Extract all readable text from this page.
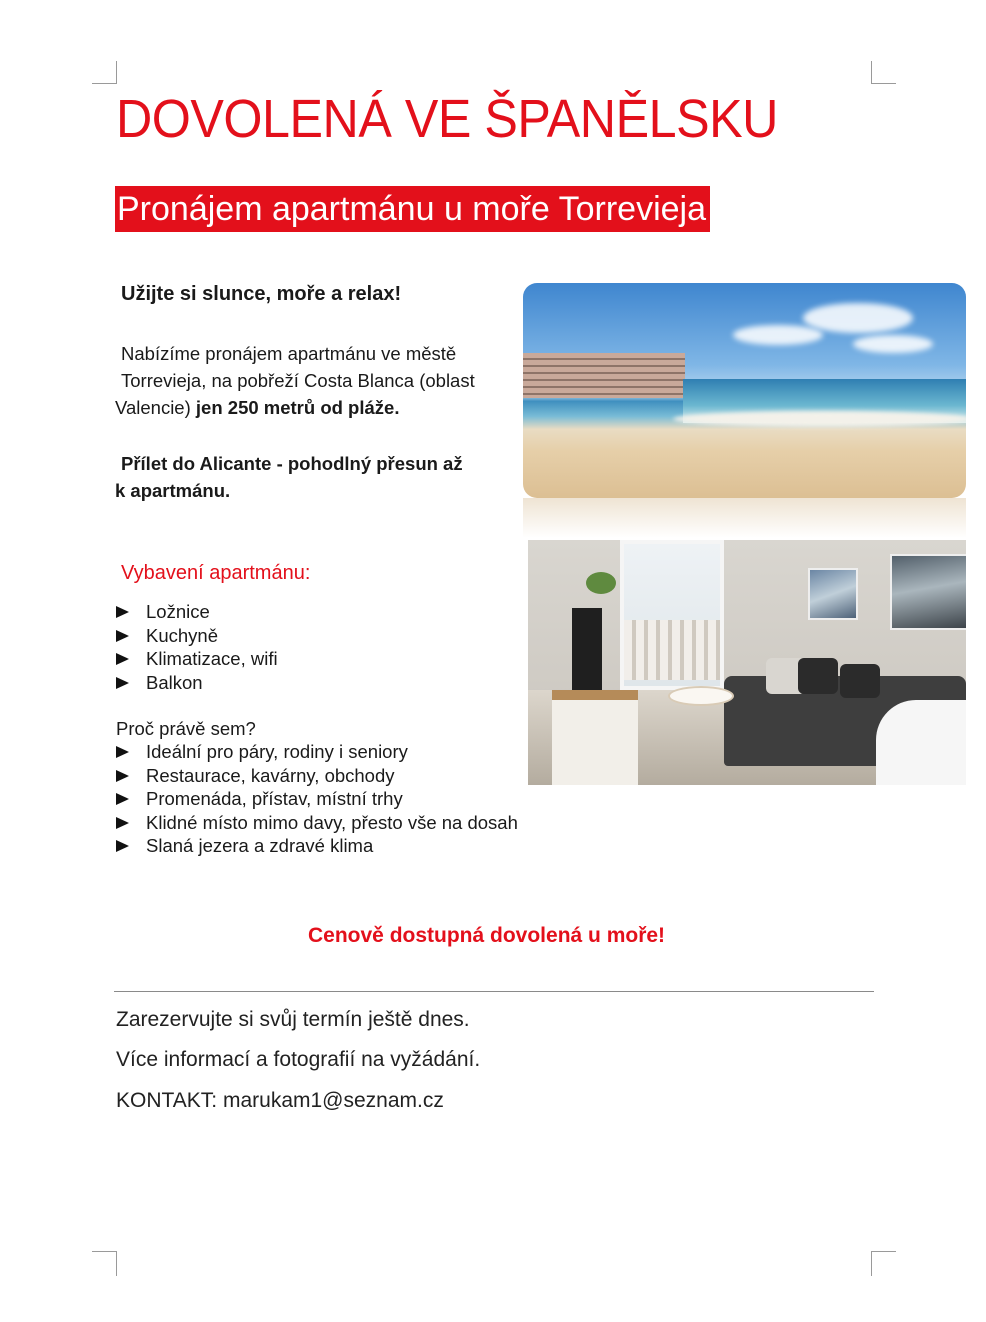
DOVOLENÁ VE ŠPANĚLSKU
Pronájem apartmánu u moře Torrevieja
Užijte si slunce, moře a relax!
Nabízíme pronájem apartmánu ve městě
Torrevieja, na pobřeží Costa Blanca (oblast
Valencie) jen 250 metrů od pláže.
Přílet do Alicante - pohodlný přesun až
k apartmánu.
Vybavení apartmánu:
Ložnice
Kuchyně
Klimatizace, wifi
Balkon
Proč právě sem?
Ideální pro páry, rodiny i seniory
Restaurace, kavárny, obchody
Promenáda, přístav, místní trhy
Klidné místo mimo davy, přesto vše na dosah
Slaná jezera a zdravé klima
Cenově dostupná dovolená u moře!
Zarezervujte si svůj termín ještě dnes.
Více informací a fotografií na vyžádání.
KONTAKT: marukam1@seznam.cz
